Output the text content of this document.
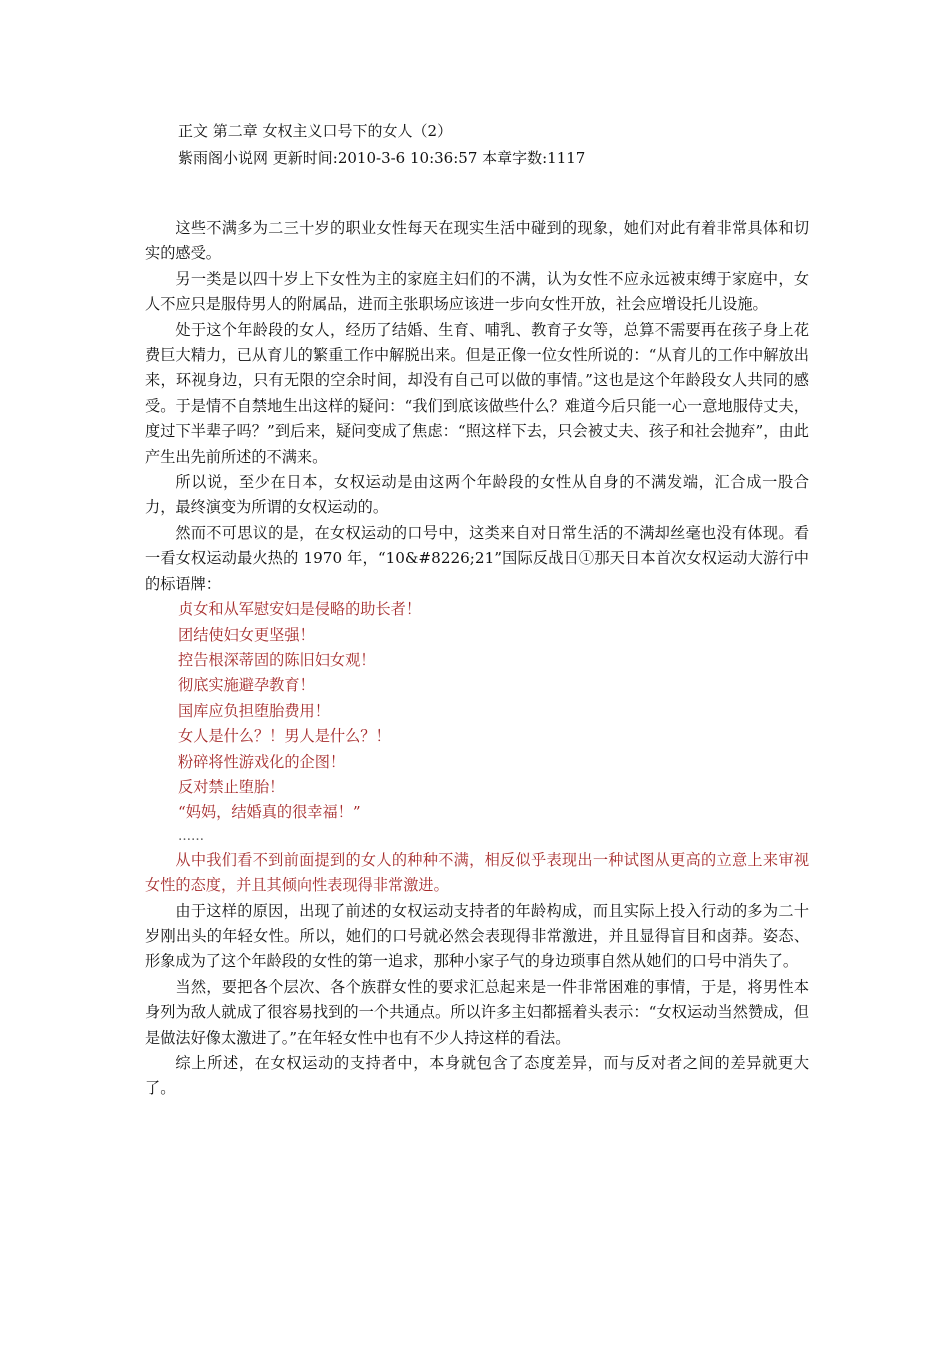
正文 第二章 女权主义口号下的女人（2）
紫雨阁小说网 更新时间:2010-3-6 10:36:57 本章字数:1117

这些不满多为二三十岁的职业女性每天在现实生活中碰到的现象，她们对此有着非常具体和切实的感受。

另一类是以四十岁上下女性为主的家庭主妇们的不满，认为女性不应永远被束缚于家庭中，女人不应只是服侍男人的附属品，进而主张职场应该进一步向女性开放，社会应增设托儿设施。

处于这个年龄段的女人，经历了结婚、生育、哺乳、教育子女等，总算不需要再在孩子身上花费巨大精力，已从育儿的繁重工作中解脱出来。但是正像一位女性所说的：“从育儿的工作中解放出来，环视身边，只有无限的空余时间，却没有自己可以做的事情。”这也是这个年龄段女人共同的感受。于是情不自禁地生出这样的疑问：“我们到底该做些什么？难道今后只能一心一意地服侍丈夫，度过下半辈子吗？”到后来，疑问变成了焦虑：“照这样下去，只会被丈夫、孩子和社会抛弃”，由此产生出先前所述的不满来。

所以说，至少在日本，女权运动是由这两个年龄段的女性从自身的不满发端，汇合成一股合力，最终演变为所谓的女权运动的。

然而不可思议的是，在女权运动的口号中，这类来自对日常生活的不满却丝毫也没有体现。看一看女权运动最火热的 1970 年，“10&#8226;21”国际反战日①那天日本首次女权运动大游行中的标语牌：

贞女和从军慰安妇是侵略的助长者！
团结使妇女更坚强！
控告根深蒂固的陈旧妇女观！
彻底实施避孕教育！
国库应负担堕胎费用！
女人是什么？！男人是什么？！
粉碎将性游戏化的企图！
反对禁止堕胎！
“妈妈，结婚真的很幸福！”
……

从中我们看不到前面提到的女人的种种不满，相反似乎表现出一种试图从更高的立意上来审视女性的态度，并且其倾向性表现得非常激进。

由于这样的原因，出现了前述的女权运动支持者的年龄构成，而且实际上投入行动的多为二十岁刚出头的年轻女性。所以，她们的口号就必然会表现得非常激进，并且显得盲目和卤莽。姿态、形象成为了这个年龄段的女性的第一追求，那种小家子气的身边琐事自然从她们的口号中消失了。

当然，要把各个层次、各个族群女性的要求汇总起来是一件非常困难的事情，于是，将男性本身列为敌人就成了很容易找到的一个共通点。所以许多主妇都摇着头表示：“女权运动当然赞成，但是做法好像太激进了。”在年轻女性中也有不少人持这样的看法。

综上所述，在女权运动的支持者中，本身就包含了态度差异，而与反对者之间的差异就更大了。
